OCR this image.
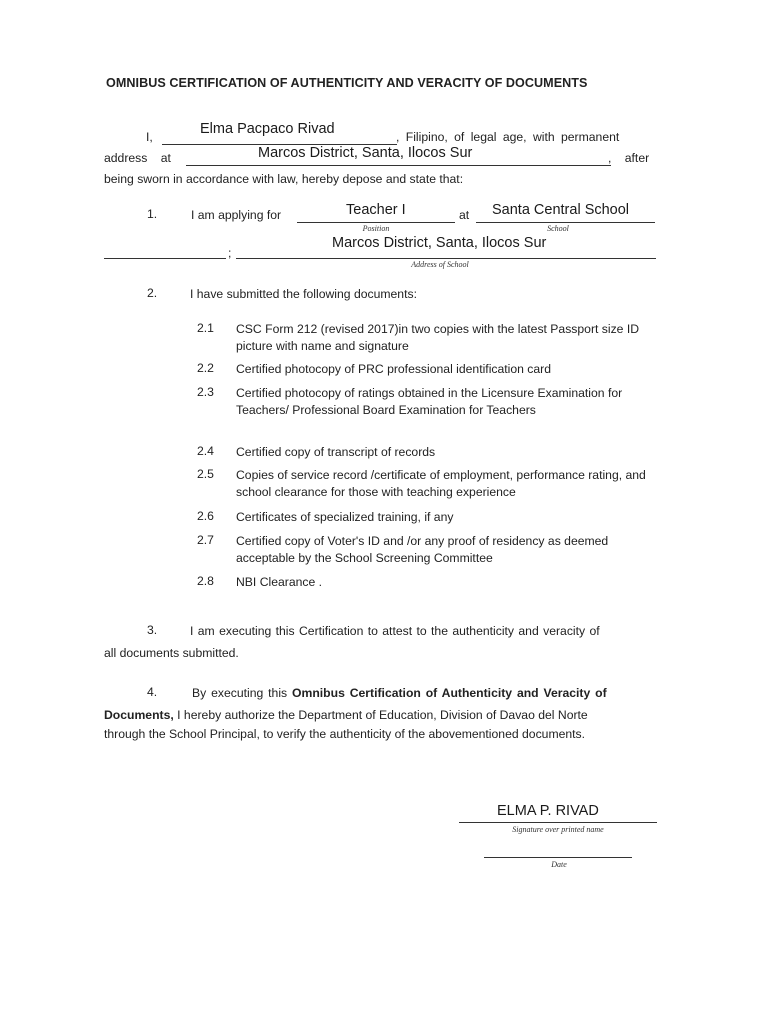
OMNIBUS CERTIFICATION OF AUTHENTICITY AND VERACITY OF DOCUMENTS
I,	Elma Pacpaco Rivad	, Filipino, of legal age, with permanent
address at	Marcos District, Santa, Ilocos Sur	, after
being sworn in accordance with law, hereby depose and state that:
1.	I am applying for	Teacher I
Position
at Santa Central School
School
;
Marcos District, Santa, Ilocos Sur
Address of School
2.	I have submitted the following documents:
2.1 CSC Form 212 (revised 2017)in two copies with the latest Passport size ID picture with name and signature
2.2 Certified photocopy of PRC professional identification card
2.3 Certified photocopy of ratings obtained in the Licensure Examination for Teachers/ Professional Board Examination for Teachers
2.4 Certified copy of transcript of records
2.5 Copies of service record /certificate of employment, performance rating, and school clearance for those with teaching experience
2.6 Certificates of specialized training, if any
2.7 Certified copy of Voter's ID and /or any proof of residency as deemed acceptable by the School Screening Committee
2.8 NBI Clearance .
3.	I am executing this Certification to attest to the authenticity and veracity of
all documents submitted.
4.	By executing this Omnibus Certification of Authenticity and Veracity of
Documents, I hereby authorize the Department of Education, Division of Davao del Norte
through the School Principal, to verify the authenticity of the abovementioned documents.
ELMA P. RIVAD
Signature over printed name
Date
